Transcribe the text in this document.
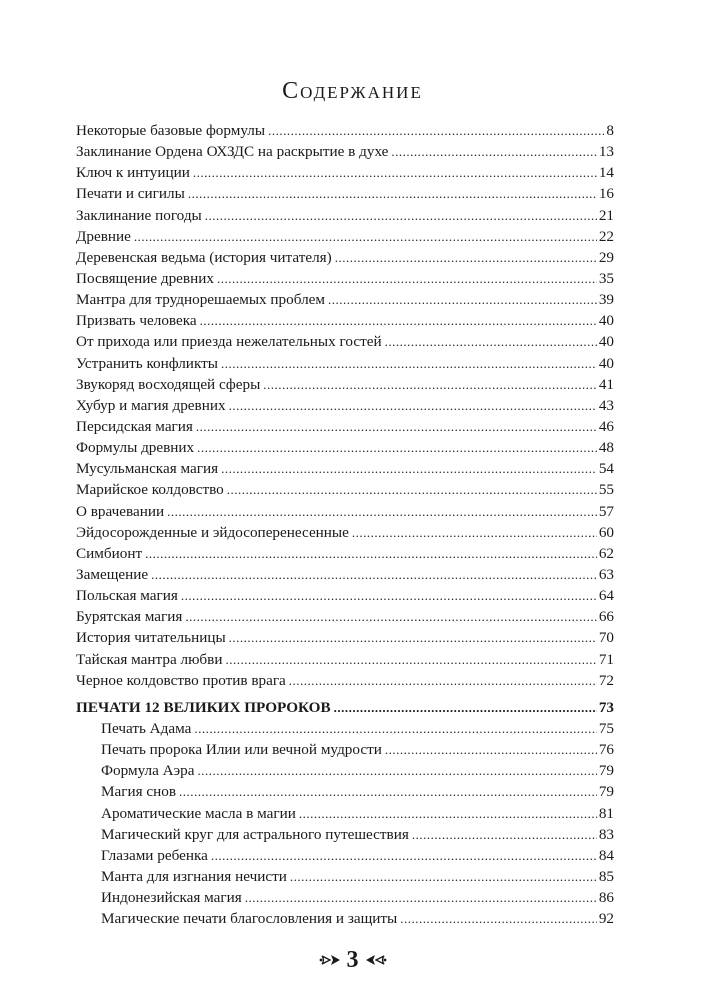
Содержание
Некоторые базовые формулы .....	8
Заклинание Ордена ОХЗДС на раскрытие в духе .....	13
Ключ к интуиции .....	14
Печати и сигилы .....	16
Заклинание погоды .....	21
Древние .....	22
Деревенская ведьма (история читателя) .....	29
Посвящение древних .....	35
Мантра для труднорешаемых проблем .....	39
Призвать человека .....	40
От прихода или приезда нежелательных гостей .....	40
Устранить конфликты .....	40
Звукоряд восходящей сферы .....	41
Хубур и магия древних .....	43
Персидская магия .....	46
Формулы древних .....	48
Мусульманская магия .....	54
Марийское колдовство .....	55
О врачевании .....	57
Эйдосорожденные и эйдосоперенесенные .....	60
Симбионт .....	62
Замещение .....	63
Польская магия .....	64
Бурятская магия .....	66
История читательницы .....	70
Тайская мантра любви .....	71
Черное колдовство против врага .....	72
ПЕЧАТИ 12 ВЕЛИКИХ ПРОРОКОВ .....	73
Печать Адама .....	75
Печать пророка Илии или вечной мудрости .....	76
Формула Аэра .....	79
Магия снов .....	79
Ароматические масла в магии .....	81
Магический круг для астрального путешествия .....	83
Глазами ребенка .....	84
Манта для изгнания нечисти .....	85
Индонезийская магия .....	86
Магические печати благословления и защиты .....	92
3
